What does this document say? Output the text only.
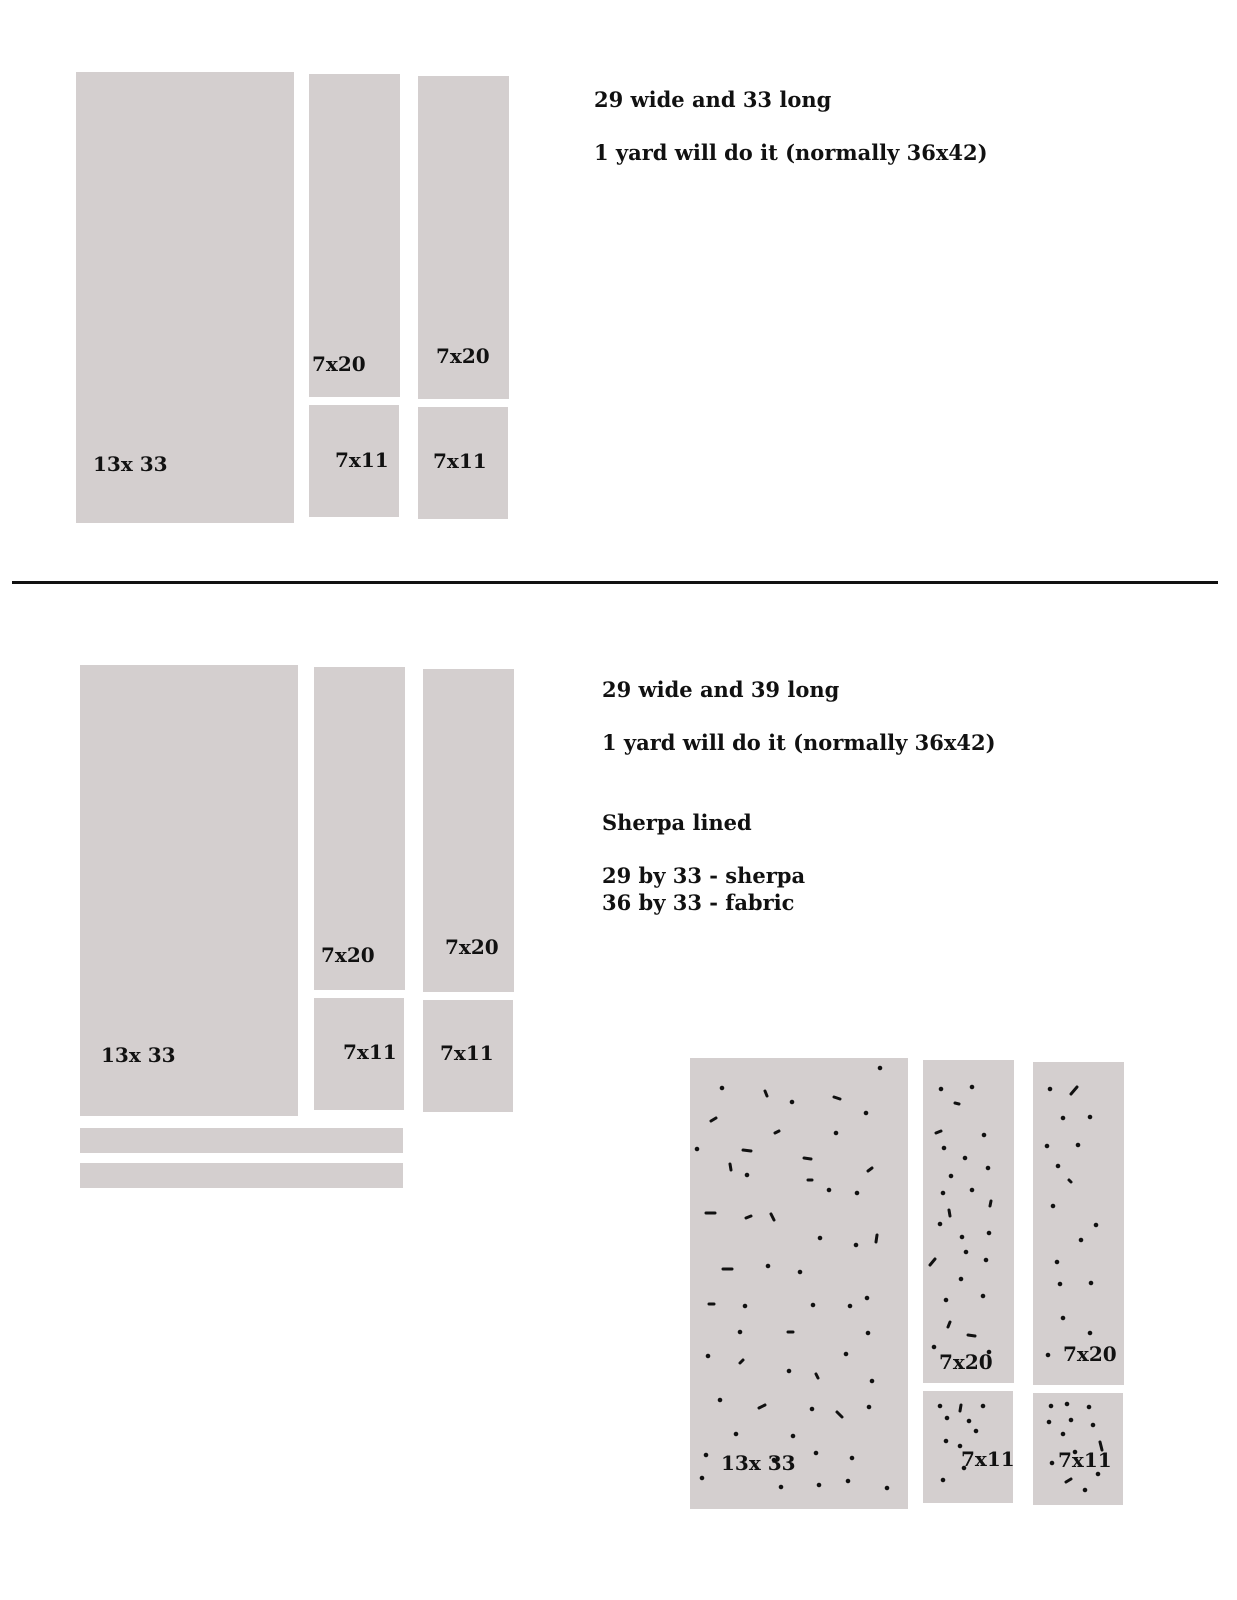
13x 33
7x20	7x20
7x11 7x11
29 wide and 33 long
1 yard will do it (normally 36x42)
13x 33
7x20	7x20
7x11 7x11
29 wide and 39 long
1 yard will do it (normally 36x42)
Sherpa lined
29 by 33 - sherpa
36 by 33 - fabric
13x 33
7x20	7x20
7x11 7x11
